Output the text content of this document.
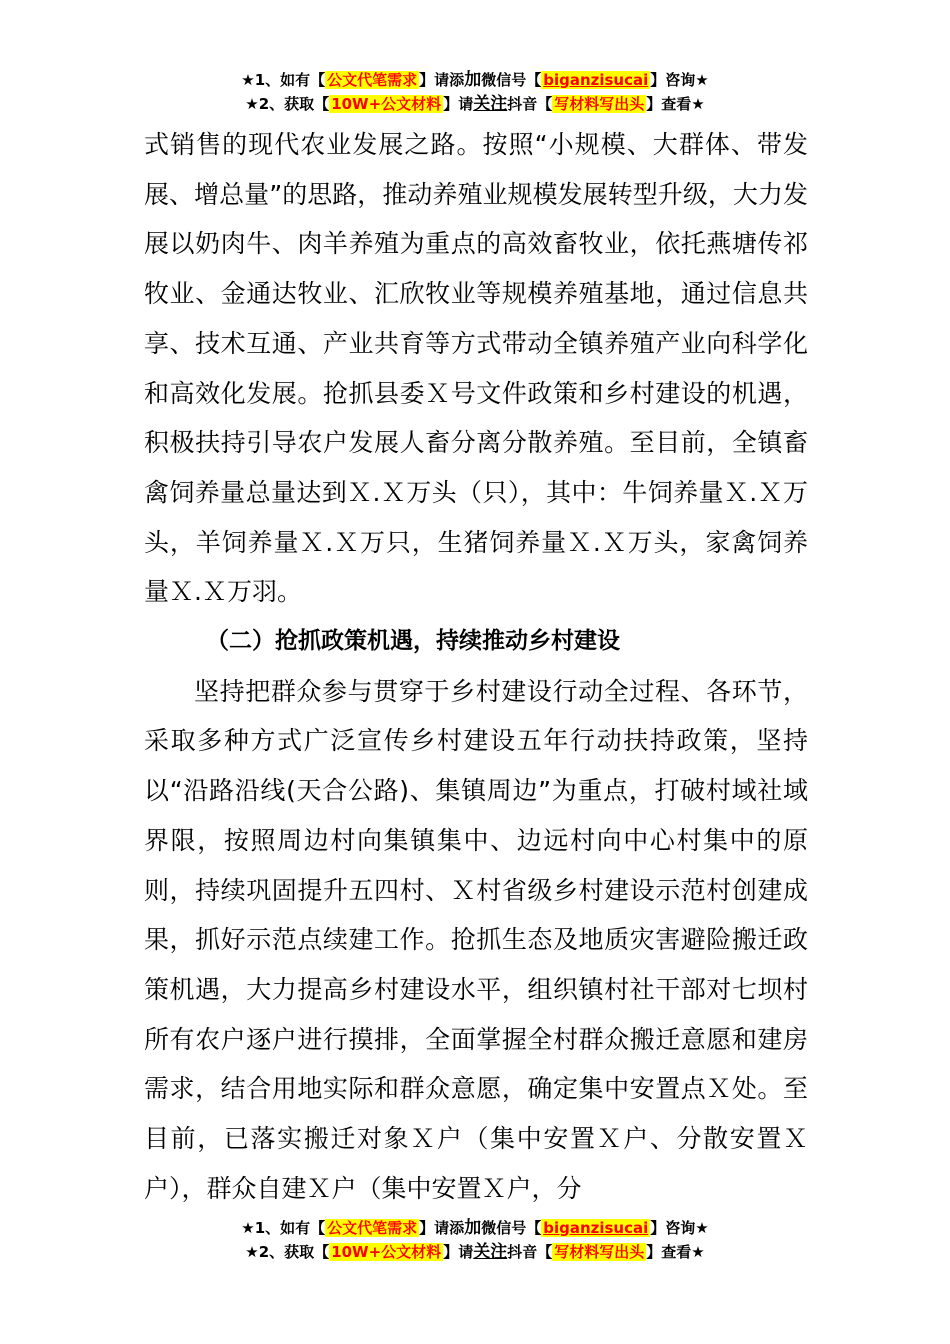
★1、如有【 公文代笔需求 】请添加微信号【 biganzisucai 】咨询★
★2、获取【 10W+公文材料 】请关注抖音【 写材料写出头 】查看★

式销售的现代农业发展之路。按照“小规模、大群体、带发展、增总量”的思路，推动养殖业规模发展转型升级，大力发展以奶肉牛、肉羊养殖为重点的高效畜牧业，依托燕塘传祁牧业、金通达牧业、汇欣牧业等规模养殖基地，通过信息共享、技术互通、产业共育等方式带动全镇养殖产业向科学化和高效化发展。抢抓县委Ｘ号文件政策和乡村建设的机遇，积极扶持引导农户发展人畜分离分散养殖。至目前，全镇畜禽饲养量总量达到Ｘ.Ｘ万头（只），其中：牛饲养量Ｘ.Ｘ万头，羊饲养量Ｘ.Ｘ万只，生猪饲养量Ｘ.Ｘ万头，家禽饲养量Ｘ.Ｘ万羽。

（二）抢抓政策机遇，持续推动乡村建设

坚持把群众参与贯穿于乡村建设行动全过程、各环节，采取多种方式广泛宣传乡村建设五年行动扶持政策，坚持以“沿路沿线(天合公路)、集镇周边”为重点，打破村域社域界限，按照周边村向集镇集中、边远村向中心村集中的原则，持续巩固提升五四村、Ｘ村省级乡村建设示范村创建成果，抓好示范点续建工作。抢抓生态及地质灾害避险搬迁政策机遇，大力提高乡村建设水平，组织镇村社干部对七坝村所有农户逐户进行摸排，全面掌握全村群众搬迁意愿和建房需求，结合用地实际和群众意愿，确定集中安置点Ｘ处。至目前，已落实搬迁对象Ｘ户（集中安置Ｘ户、分散安置Ｘ户），群众自建Ｘ户（集中安置Ｘ户，分

★1、如有【 公文代笔需求 】请添加微信号【 biganzisucai 】咨询★
★2、获取【 10W+公文材料 】请关注抖音【 写材料写出头 】查看★
